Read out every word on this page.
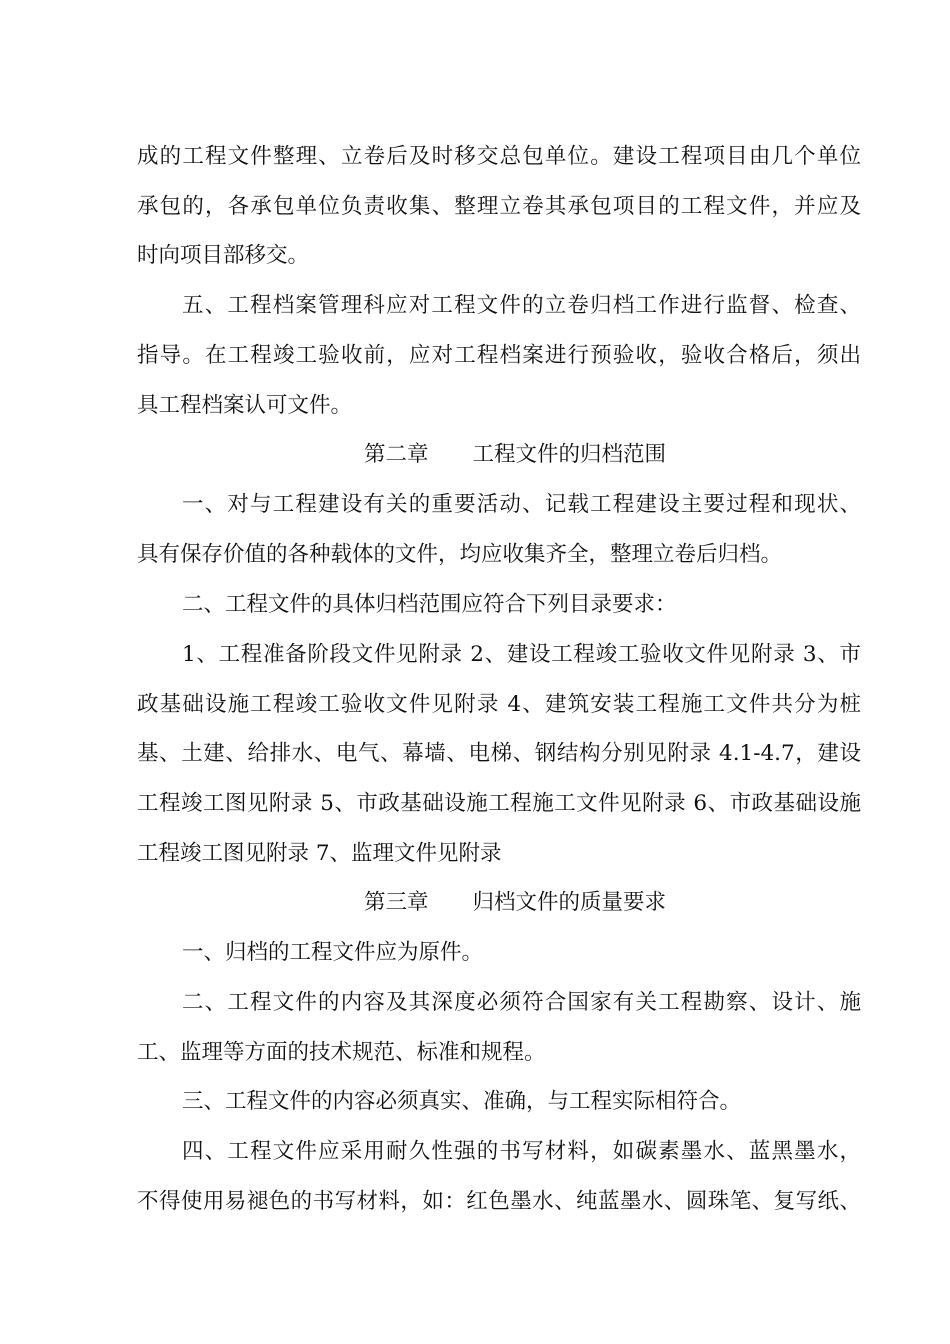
成的工程文件整理、立卷后及时移交总包单位。建设工程项目由几个单位
承包的，各承包单位负责收集、整理立卷其承包项目的工程文件，并应及
时向项目部移交。
五、工程档案管理科应对工程文件的立卷归档工作进行监督、检查、
指导。在工程竣工验收前，应对工程档案进行预验收，验收合格后，须出
具工程档案认可文件。
第二章 工程文件的归档范围
一、对与工程建设有关的重要活动、记载工程建设主要过程和现状、
具有保存价值的各种载体的文件，均应收集齐全，整理立卷后归档。
二、工程文件的具体归档范围应符合下列目录要求：
1、工程准备阶段文件见附录 2、建设工程竣工验收文件见附录 3、市
政基础设施工程竣工验收文件见附录 4、建筑安装工程施工文件共分为桩
基、土建、给排水、电气、幕墙、电梯、钢结构分别见附录 4.1-4.7，建设
工程竣工图见附录 5、市政基础设施工程施工文件见附录 6、市政基础设施
工程竣工图见附录 7、监理文件见附录
第三章 归档文件的质量要求
一、归档的工程文件应为原件。
二、工程文件的内容及其深度必须符合国家有关工程勘察、设计、施
工、监理等方面的技术规范、标准和规程。
三、工程文件的内容必须真实、准确，与工程实际相符合。
四、工程文件应采用耐久性强的书写材料，如碳素墨水、蓝黑墨水，
不得使用易褪色的书写材料，如：红色墨水、纯蓝墨水、圆珠笔、复写纸、
